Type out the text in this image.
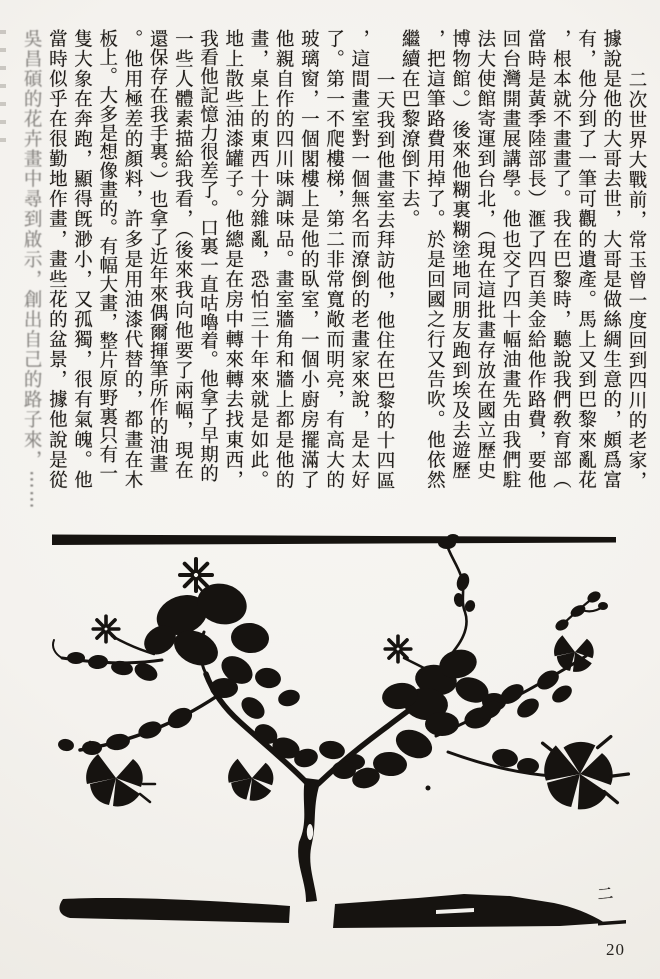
二次世界大戰前，常玉曾一度回到四川的老家，
據說是他的大哥去世，大哥是做絲綢生意的，頗爲富
有，他分到了一筆可觀的遺產。馬上又到巴黎來亂花
，根本就不畫畫了。我在巴黎時，聽說我們敎育部（
當時是黃季陸部長）滙了四百美金給他作路費，要他
回台灣開畫展講學。他也交了四十幅油畫先由我們駐
法大使館寄運到台北，（現在這批畫存放在國立歷史
博物館。）後來他糊裏糊塗地同朋友跑到埃及去遊歷
，把這筆路費用掉了。於是回國之行又告吹。他依然
繼續在巴黎潦倒下去。
一天我到他畫室去拜訪他，他住在巴黎的十四區
，這間畫室對一個無名而潦倒的老畫家來說，是太好
了。第一不爬樓梯，第二非常寬敞而明亮，有高大的
玻璃窗，一個閣樓上是他的臥室，一個小廚房擺滿了
他親自作的四川味調味品。畫室牆角和牆上都是他的
畫，桌上的東西十分雜亂，恐怕三十年來就是如此。
地上散些油漆罐子。他總是在房中轉來轉去找東西，
我看他記憶力很差了。口裏一直咕嚕着。他拿了早期的
一些人體素描給我看，（後來我向他要了兩幅，現在
還保存在我手裏。）也拿了近年來偶爾揮筆所作的油畫
。他用極差的顏料，許多是用油漆代替的，都畫在木
板上。大多是想像畫的。有幅大畫，整片原野裏只有一
隻大象在奔跑，顯得旣渺小，又孤獨，很有氣魄。他
當時似乎在很勤地作畫，畫些花的盆景，據他說是從
吳昌碩的花卉畫中尋到啟示，創出自己的路子來，⋯⋯
二
20
